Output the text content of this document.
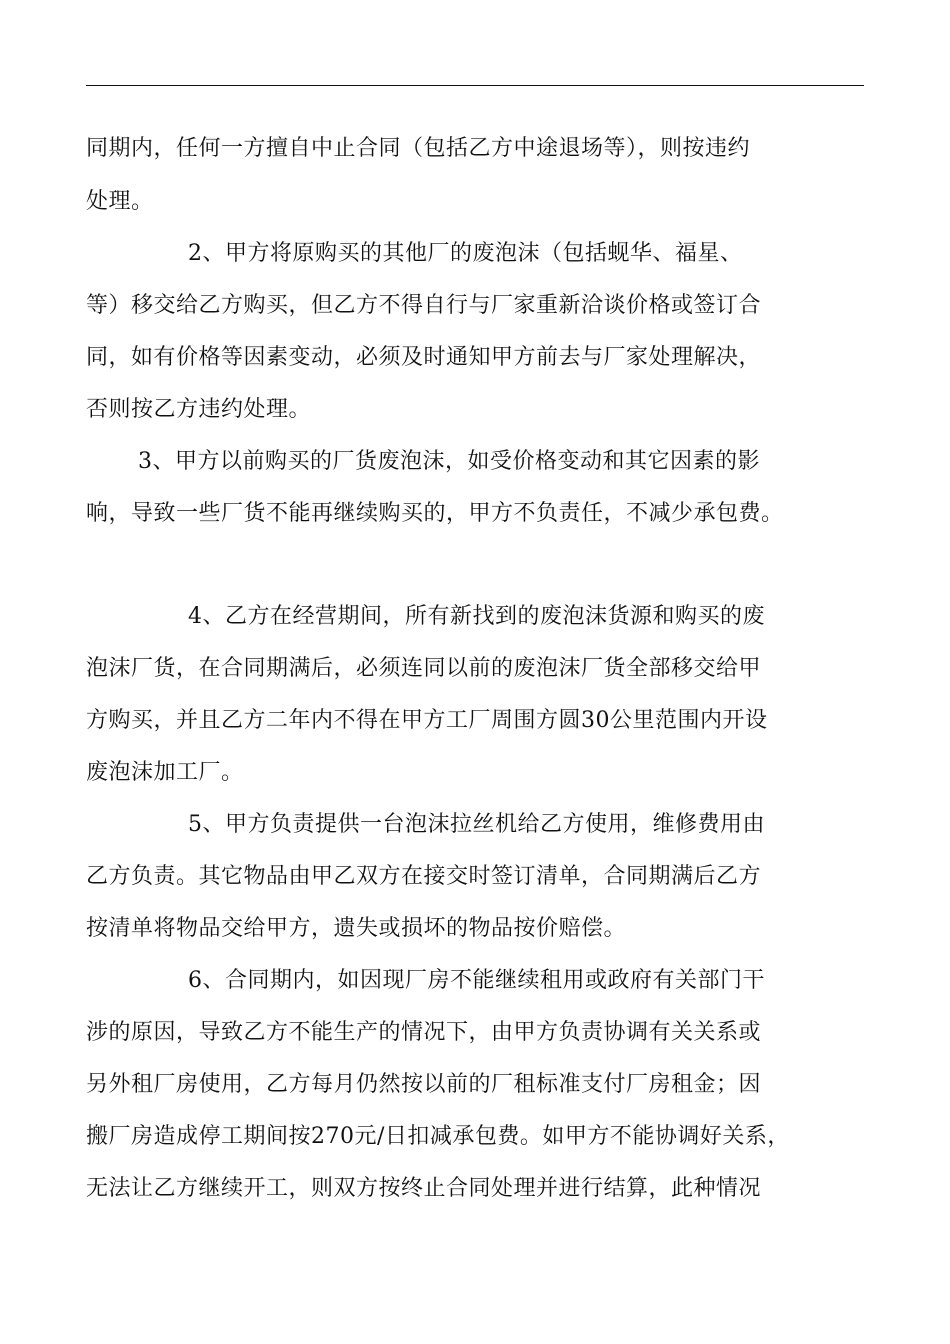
同期内，任何一方擅自中止合同（包括乙方中途退场等），则按违约
处理。
2、甲方将原购买的其他厂的废泡沫（包括蚬华、福星、
等）移交给乙方购买，但乙方不得自行与厂家重新洽谈价格或签订合
同，如有价格等因素变动，必须及时通知甲方前去与厂家处理解决，
否则按乙方违约处理。
3、甲方以前购买的厂货废泡沫，如受价格变动和其它因素的影
响，导致一些厂货不能再继续购买的，甲方不负责任，不减少承包费。
4、乙方在经营期间，所有新找到的废泡沫货源和购买的废
泡沫厂货，在合同期满后，必须连同以前的废泡沫厂货全部移交给甲
方购买，并且乙方二年内不得在甲方工厂周围方圆30公里范围内开设
废泡沫加工厂。
5、甲方负责提供一台泡沫拉丝机给乙方使用，维修费用由
乙方负责。其它物品由甲乙双方在接交时签订清单，合同期满后乙方
按清单将物品交给甲方，遗失或损坏的物品按价赔偿。
6、合同期内，如因现厂房不能继续租用或政府有关部门干
涉的原因，导致乙方不能生产的情况下，由甲方负责协调有关关系或
另外租厂房使用，乙方每月仍然按以前的厂租标准支付厂房租金；因
搬厂房造成停工期间按270元/日扣减承包费。如甲方不能协调好关系，
无法让乙方继续开工，则双方按终止合同处理并进行结算，此种情况
